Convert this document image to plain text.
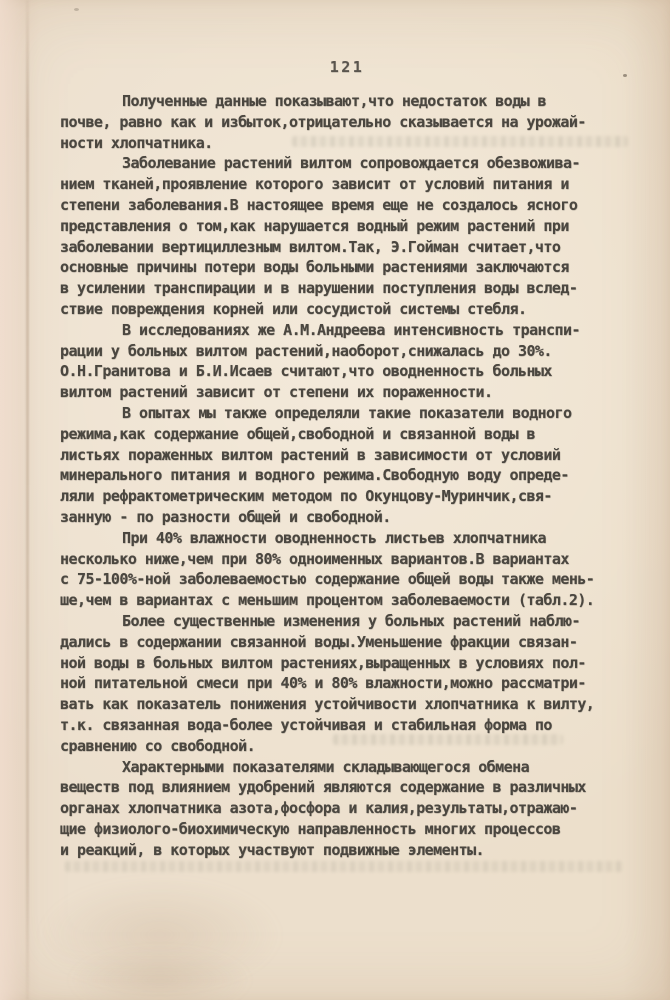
121
Полученные данные показывают,что недостаток воды в
почве, равно как и избыток,отрицательно сказывается на урожай-
ности хлопчатника.
Заболевание растений вилтом сопровождается обезвожива-
нием тканей,проявление которого зависит от условий питания и
степени заболевания.В настоящее время еще не создалось ясного
представления о том,как нарушается водный режим растений при
заболевании вертициллезным вилтом.Так, Э.Гойман считает,что
основные причины потери воды больными растениями заключаются
в усилении транспирации и в нарушении поступления воды вслед-
ствие повреждения корней или сосудистой системы стебля.
В исследованиях же А.М.Андреева интенсивность транспи-
рации у больных вилтом растений,наоборот,снижалась до 30%.
О.Н.Гранитова и Б.И.Исаев считают,что оводненность больных
вилтом растений зависит от степени их пораженности.
В опытах мы также определяли такие показатели водного
режима,как содержание общей,свободной и связанной воды в
листьях пораженных вилтом растений в зависимости от условий
минерального питания и водного режима.Свободную воду опреде-
ляли рефрактометрическим методом по Окунцову-Муринчик,свя-
занную - по разности общей и свободной.
При 40% влажности оводненность листьев хлопчатника
несколько ниже,чем при 80% одноименных вариантов.В вариантах
с 75-100%-ной заболеваемостью содержание общей воды также мень-
ше,чем в вариантах с меньшим процентом заболеваемости (табл.2).
Более существенные изменения у больных растений наблю-
дались в содержании связанной воды.Уменьшение фракции связан-
ной воды в больных вилтом растениях,выращенных в условиях пол-
ной питательной смеси при 40% и 80% влажности,можно рассматри-
вать как показатель понижения устойчивости хлопчатника к вилту,
т.к. связанная вода-более устойчивая и стабильная форма по
сравнению со свободной.
Характерными показателями складывающегося обмена
веществ под влиянием удобрений являются содержание в различных
органах хлопчатника азота,фосфора и калия,результаты,отражаю-
щие физиолого-биохимическую направленность многих процессов
и реакций, в которых участвуют подвижные элементы.
